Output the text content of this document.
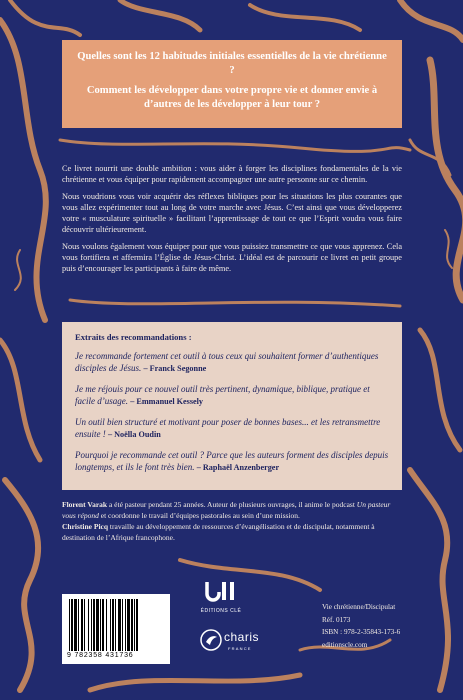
Quelles sont les 12 habitudes initiales essentielles de la vie chrétienne ?

Comment les développer dans votre propre vie et donner envie à d’autres de les développer à leur tour ?

Ce livret nourrit une double ambition : vous aider à forger les disciplines fondamentales de la vie chrétienne et vous équiper pour rapidement accompagner une autre personne sur ce chemin.

Nous voudrions vous voir acquérir des réflexes bibliques pour les situations les plus courantes que vous allez expérimenter tout au long de votre marche avec Jésus. C’est ainsi que vous développerez votre « musculature spirituelle » facilitant l’apprentissage de tout ce que l’Esprit voudra vous faire découvrir ultérieurement.

Nous voulons également vous équiper pour que vous puissiez transmettre ce que vous apprenez. Cela vous fortifiera et affermira l’Église de Jésus-Christ. L’idéal est de parcourir ce livret en petit groupe puis d’encourager les participants à faire de même.

Extraits des recommandations :
Je recommande fortement cet outil à tous ceux qui souhaitent former d’authentiques disciples de Jésus. – Franck Segonne
Je me réjouis pour ce nouvel outil très pertinent, dynamique, biblique, pratique et facile d’usage. – Emmanuel Kessely
Un outil bien structuré et motivant pour poser de bonnes bases... et les retransmettre ensuite ! – Noëlla Oudin
Pourquoi je recommande cet outil ? Parce que les auteurs forment des disciples depuis longtemps, et ils le font très bien. – Raphaël Anzenberger
Florent Varak a été pasteur pendant 25 années. Auteur de plusieurs ouvrages, il anime le podcast Un pasteur vous répond et coordonne le travail d’équipes pastorales au sein d’une mission.
Christine Picq travaille au développement de ressources d’évangélisation et de discipulat, notamment à destination de l’Afrique francophone.
9 782358 431736
ÉDITIONS CLÉ
charis
FRANCE
Vie chrétienne/Discipulat
Réf. 0173
ISBN : 978-2-35843-173-6
editionscle.com
